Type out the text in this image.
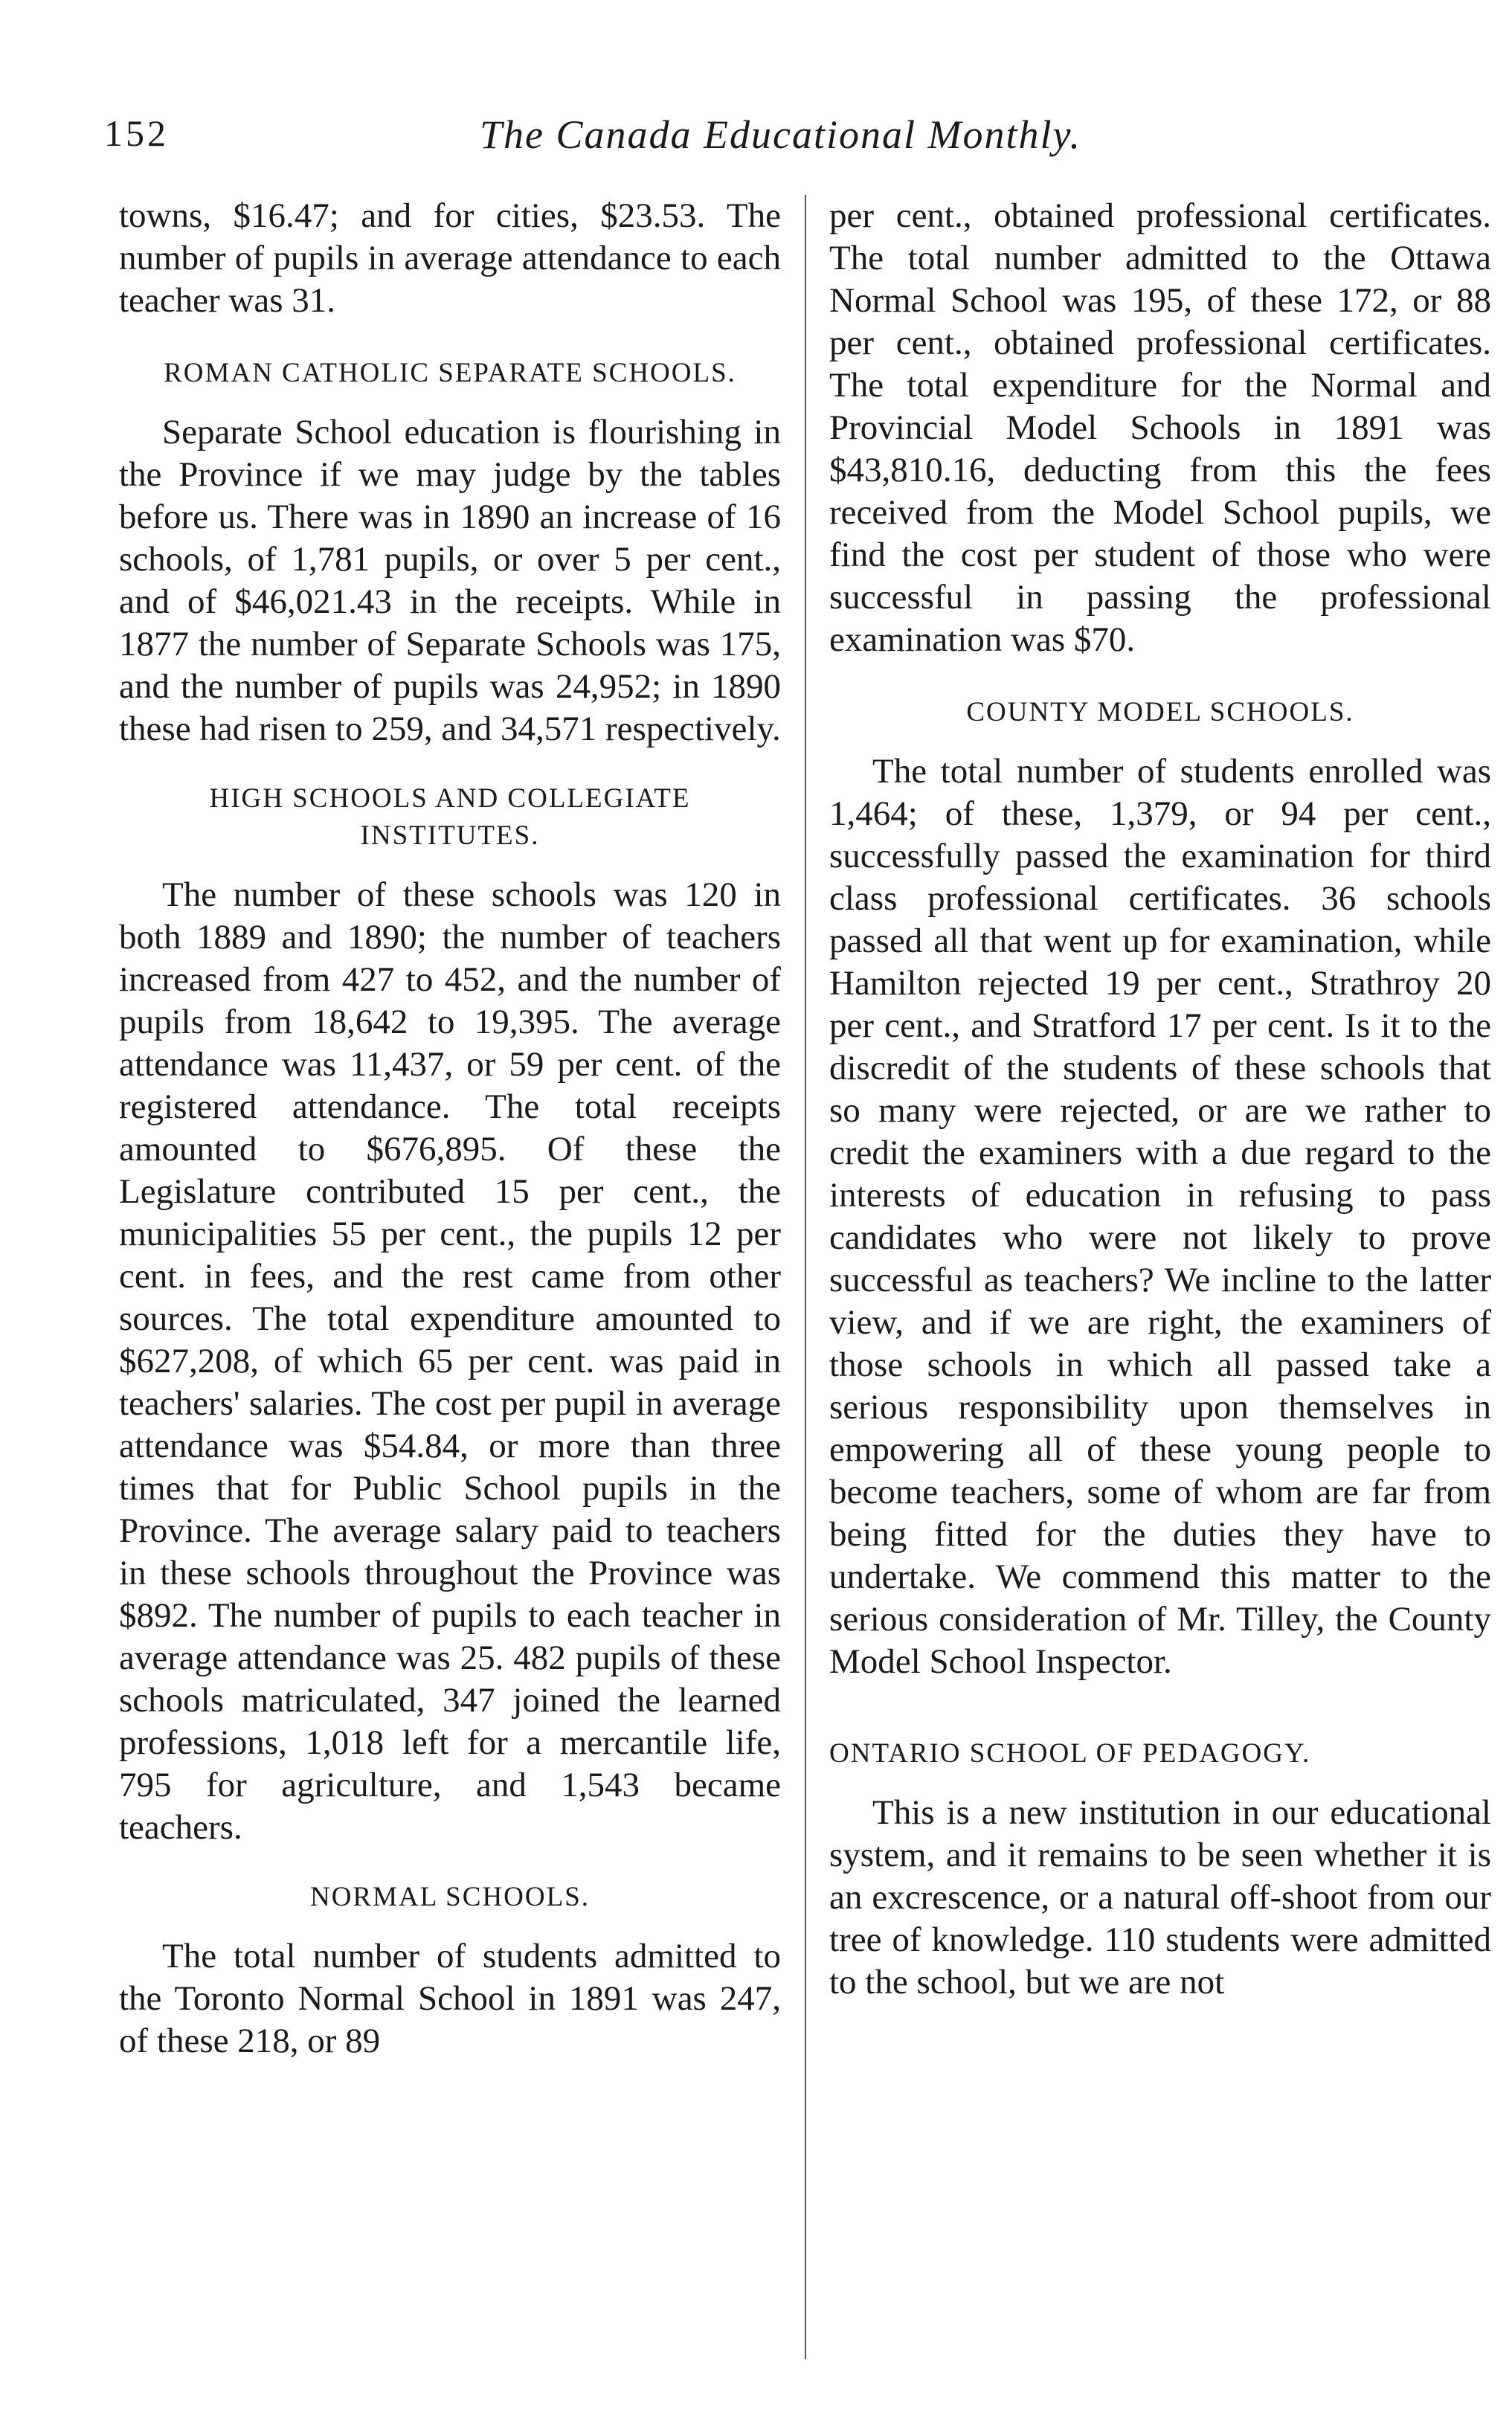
152	The Canada Educational Monthly.

towns, $16.47; and for cities, $23.53. The number of pupils in average attendance to each teacher was 31.

ROMAN CATHOLIC SEPARATE SCHOOLS.

Separate School education is flourishing in the Province if we may judge by the tables before us. There was in 1890 an increase of 16 schools, of 1,781 pupils, or over 5 per cent., and of $46,021.43 in the receipts. While in 1877 the number of Separate Schools was 175, and the number of pupils was 24,952; in 1890 these had risen to 259, and 34,571 respectively.

HIGH SCHOOLS AND COLLEGIATE INSTITUTES.

The number of these schools was 120 in both 1889 and 1890; the number of teachers increased from 427 to 452, and the number of pupils from 18,642 to 19,395. The average attendance was 11,437, or 59 per cent. of the registered attendance. The total receipts amounted to $676,895. Of these the Legislature contributed 15 per cent., the municipalities 55 per cent., the pupils 12 per cent. in fees, and the rest came from other sources. The total expenditure amounted to $627,208, of which 65 per cent. was paid in teachers' salaries. The cost per pupil in average attendance was $54.84, or more than three times that for Public School pupils in the Province. The average salary paid to teachers in these schools throughout the Province was $892. The number of pupils to each teacher in average attendance was 25. 482 pupils of these schools matriculated, 347 joined the learned professions, 1,018 left for a mercantile life, 795 for agriculture, and 1,543 became teachers.

NORMAL SCHOOLS.

The total number of students admitted to the Toronto Normal School in 1891 was 247, of these 218, or 89

per cent., obtained professional certificates. The total number admitted to the Ottawa Normal School was 195, of these 172, or 88 per cent., obtained professional certificates. The total expenditure for the Normal and Provincial Model Schools in 1891 was $43,810.16, deducting from this the fees received from the Model School pupils, we find the cost per student of those who were successful in passing the professional examination was $70.

COUNTY MODEL SCHOOLS.

The total number of students enrolled was 1,464; of these, 1,379, or 94 per cent., successfully passed the examination for third class professional certificates. 36 schools passed all that went up for examination, while Hamilton rejected 19 per cent., Strathroy 20 per cent., and Stratford 17 per cent. Is it to the discredit of the students of these schools that so many were rejected, or are we rather to credit the examiners with a due regard to the interests of education in refusing to pass candidates who were not likely to prove successful as teachers? We incline to the latter view, and if we are right, the examiners of those schools in which all passed take a serious responsibility upon themselves in empowering all of these young people to become teachers, some of whom are far from being fitted for the duties they have to undertake. We commend this matter to the serious consideration of Mr. Tilley, the County Model School Inspector.

ONTARIO SCHOOL OF PEDAGOGY.

This is a new institution in our educational system, and it remains to be seen whether it is an excrescence, or a natural off-shoot from our tree of knowledge. 110 students were admitted to the school, but we are not
